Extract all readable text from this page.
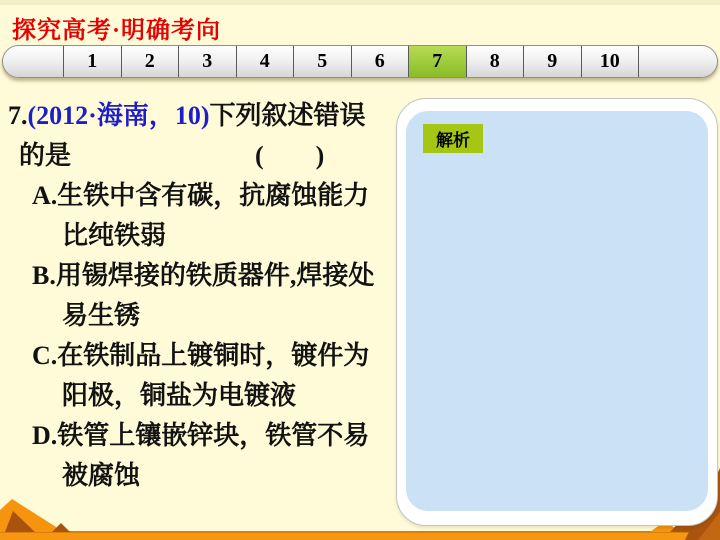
探究高考·明确考向
1 2 3 4 5 6 7 8 9 10
7.(2012·海南，10)下列叙述错误
的是	(        )
A.生铁中含有碳，抗腐蚀能力
比纯铁弱
B.用锡焊接的铁质器件,焊接处
易生锈
C.在铁制品上镀铜时，镀件为
阳极，铜盐为电镀液
D.铁管上镶嵌锌块，铁管不易
被腐蚀
解析
